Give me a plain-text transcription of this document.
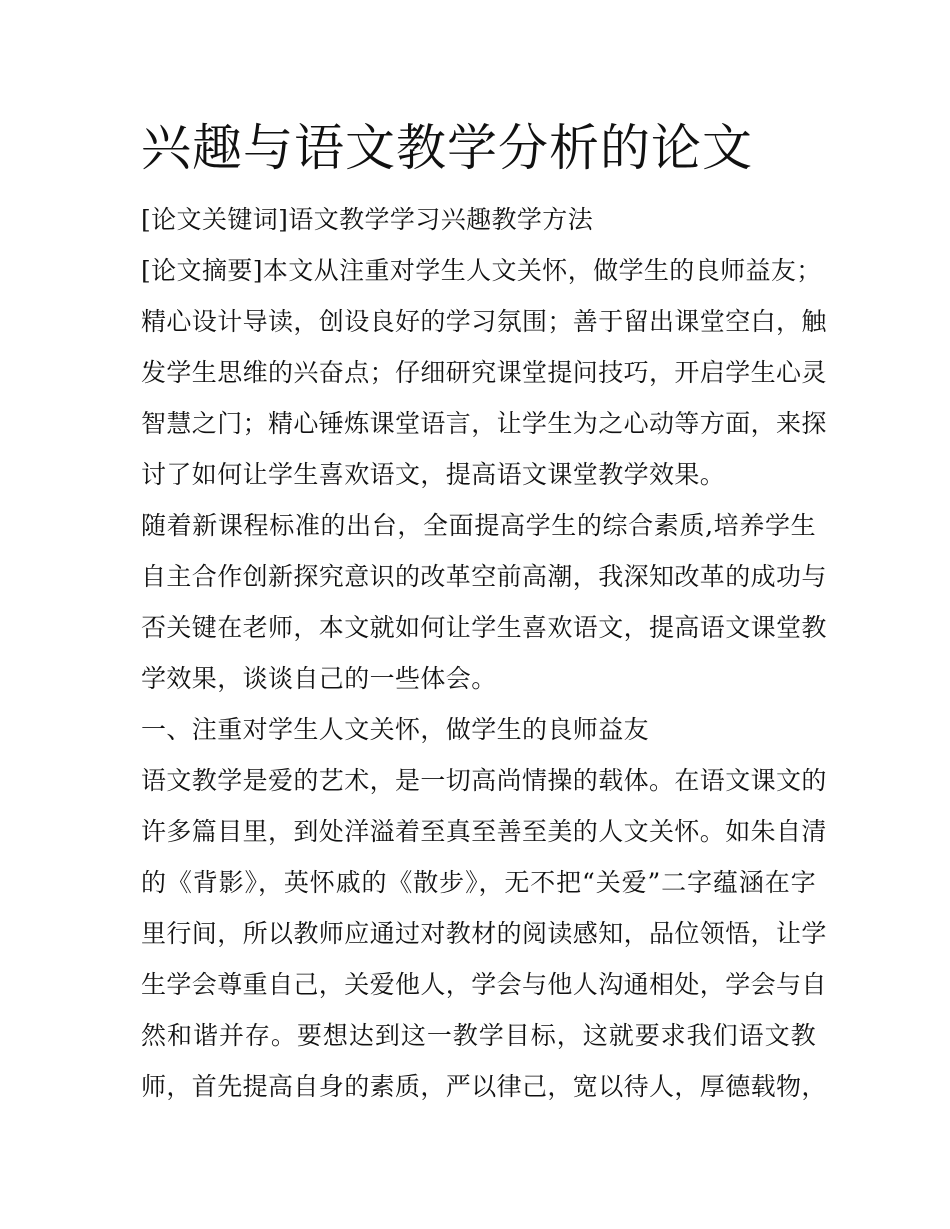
兴趣与语文教学分析的论文
[论文关键词]语文教学学习兴趣教学方法
[论文摘要]本文从注重对学生人文关怀，做学生的良师益友；
精心设计导读，创设良好的学习氛围；善于留出课堂空白，触
发学生思维的兴奋点；仔细研究课堂提问技巧，开启学生心灵
智慧之门；精心锤炼课堂语言，让学生为之心动等方面，来探
讨了如何让学生喜欢语文，提高语文课堂教学效果。
随着新课程标准的出台，全面提高学生的综合素质,培养学生
自主合作创新探究意识的改革空前高潮，我深知改革的成功与
否关键在老师，本文就如何让学生喜欢语文，提高语文课堂教
学效果，谈谈自己的一些体会。
一、注重对学生人文关怀，做学生的良师益友
语文教学是爱的艺术，是一切高尚情操的载体。在语文课文的
许多篇目里，到处洋溢着至真至善至美的人文关怀。如朱自清
的《背影》，英怀戚的《散步》，无不把“关爱”二字蕴涵在字
里行间，所以教师应通过对教材的阅读感知，品位领悟，让学
生学会尊重自己，关爱他人，学会与他人沟通相处，学会与自
然和谐并存。要想达到这一教学目标，这就要求我们语文教
师，首先提高自身的素质，严以律己，宽以待人，厚德载物，
